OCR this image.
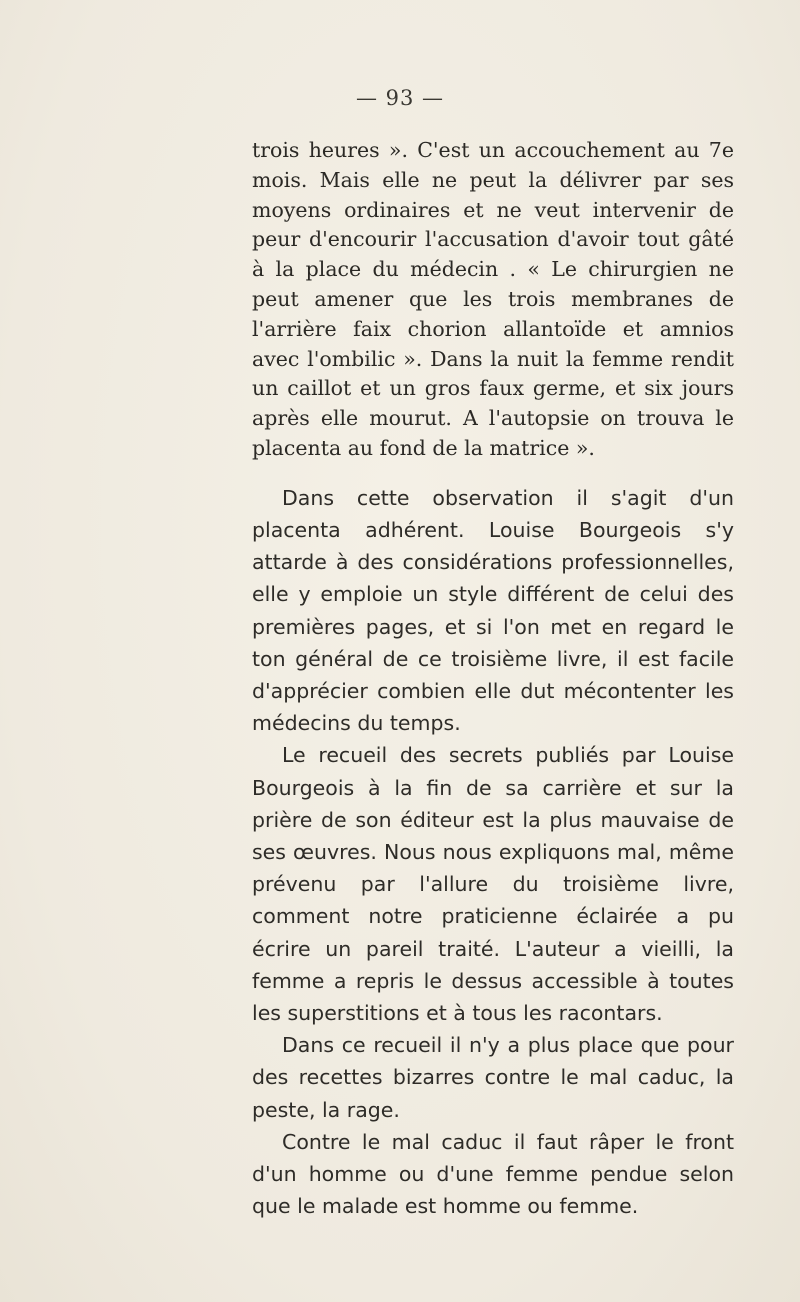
— 93 —

trois heures ». C'est un accouchement au 7e mois. Mais elle ne peut la délivrer par ses moyens ordinaires et ne veut intervenir de peur d'encourir l'accusation d'avoir tout gâté à la place du médecin . « Le chirurgien ne peut amener que les trois membranes de l'arrière faix chorion allantoïde et amnios avec l'ombilic ». Dans la nuit la femme rendit un caillot et un gros faux germe, et six jours après elle mourut. A l'autopsie on trouva le placenta au fond de la matrice ».

Dans cette observation il s'agit d'un placenta adhérent. Louise Bourgeois s'y attarde à des considérations professionnelles, elle y emploie un style différent de celui des premières pages, et si l'on met en regard le ton général de ce troisième livre, il est facile d'apprécier combien elle dut mécontenter les médecins du temps.

Le recueil des secrets publiés par Louise Bourgeois à la fin de sa carrière et sur la prière de son éditeur est la plus mauvaise de ses œuvres. Nous nous expliquons mal, même prévenu par l'allure du troisième livre, comment notre praticienne éclairée a pu écrire un pareil traité. L'auteur a vieilli, la femme a repris le dessus accessible à toutes les superstitions et à tous les racontars.

Dans ce recueil il n'y a plus place que pour des recettes bizarres contre le mal caduc, la peste, la rage.

Contre le mal caduc il faut râper le front d'un homme ou d'une femme pendue selon que le malade est homme ou femme.
